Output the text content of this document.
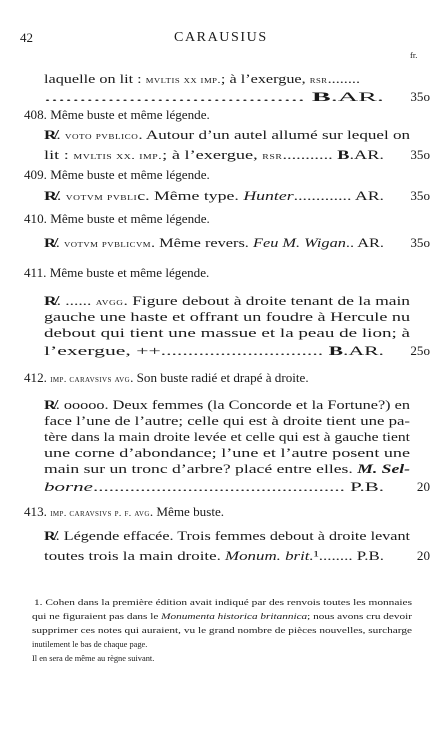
42	CARAUSIUS
fr.
laquelle on lit : mvltis xx imp.; à l’exergue, rsr........
..................................... B.AR. 35o
408. Même buste et même légende.
R̸. voto pvblico. Autour d’un autel allumé sur lequel on
lit : mvltis xx. imp.; à l’exergue, rsr........... B.AR. 35o
409. Même buste et même légende.
R̸. votvm pvblic. Même type. Hunter............. AR. 35o
410. Même buste et même légende.
R̸. votvm pvblicvm. Même revers. Feu M. Wigan.. AR. 35o
411. Même buste et même légende.
R̸. ...... avgg. Figure debout à droite tenant de la main
gauche une haste et offrant un foudre à Hercule nu
debout qui tient une massue et la peau de lion; à
l’exergue, ++.............................. B.AR. 25o
412. imp. caravsivs avg. Son buste radié et drapé à droite.
R̸. ooooo. Deux femmes (la Concorde et la Fortune?) en
face l’une de l’autre; celle qui est à droite tient une pa-
tère dans la main droite levée et celle qui est à gauche tient
une corne d’abondance; l’une et l’autre posent une
main sur un tronc d’arbre? placé entre elles. M. Sel-
borne................................................ P.B.	20
413. imp. caravsivs p. f. avg. Même buste.
R̸. Légende effacée. Trois femmes debout à droite levant
toutes trois la main droite. Monum. brit.¹........ P.B.	20
1. Cohen dans la première édition avait indiqué par des renvois toutes les monnaies
qui ne figuraient pas dans le Monumenta historica britannica; nous avons cru devoir
supprimer ces notes qui auraient, vu le grand nombre de pièces nouvelles, surcharge
inutilement le bas de chaque page.
Il en sera de même au règne suivant.
